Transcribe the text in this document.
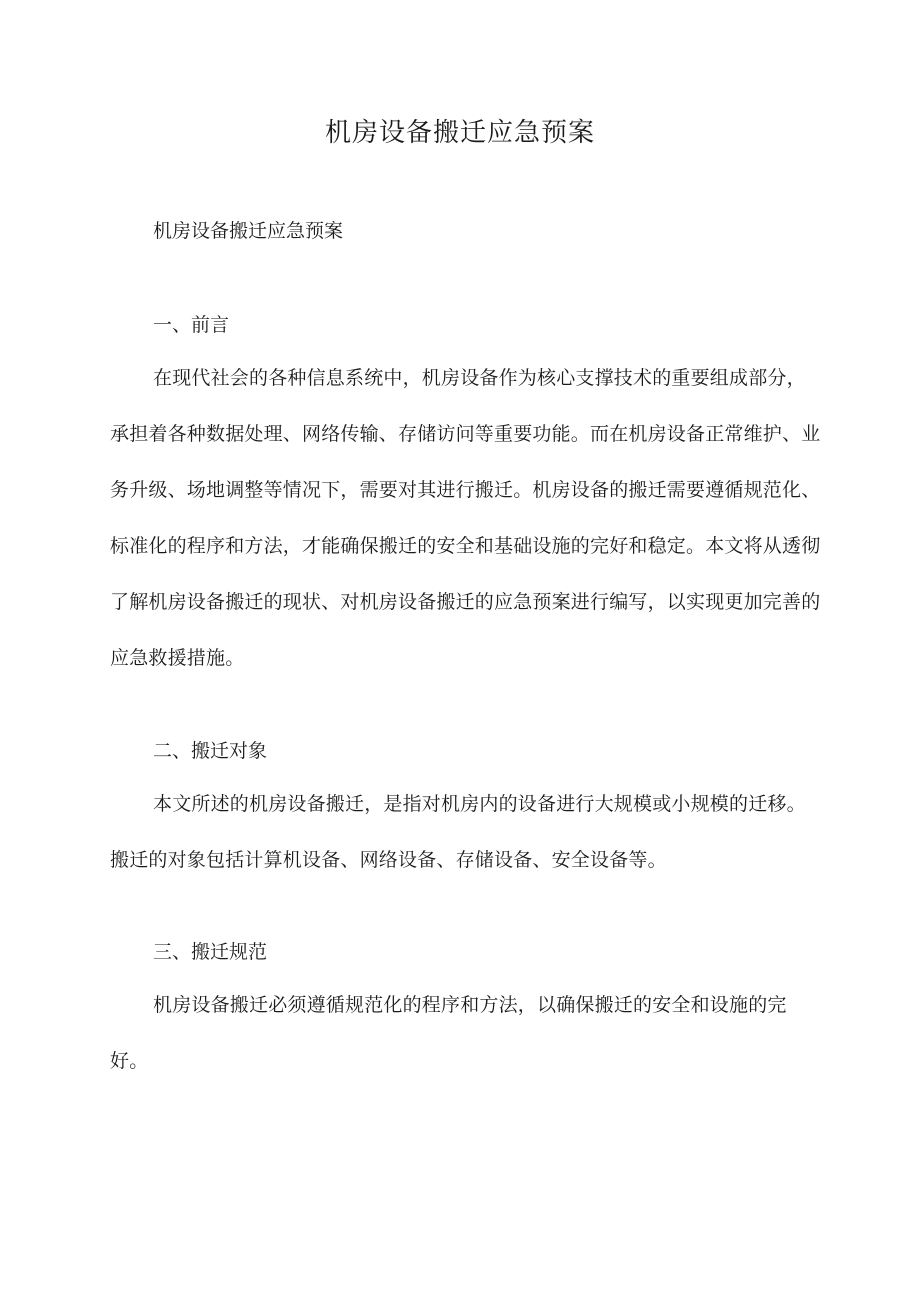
机房设备搬迁应急预案

机房设备搬迁应急预案

一、前言

在现代社会的各种信息系统中，机房设备作为核心支撑技术的重要组成部分，承担着各种数据处理、网络传输、存储访问等重要功能。而在机房设备正常维护、业务升级、场地调整等情况下，需要对其进行搬迁。机房设备的搬迁需要遵循规范化、标准化的程序和方法，才能确保搬迁的安全和基础设施的完好和稳定。本文将从透彻了解机房设备搬迁的现状、对机房设备搬迁的应急预案进行编写，以实现更加完善的应急救援措施。

二、搬迁对象

本文所述的机房设备搬迁，是指对机房内的设备进行大规模或小规模的迁移。搬迁的对象包括计算机设备、网络设备、存储设备、安全设备等。

三、搬迁规范

机房设备搬迁必须遵循规范化的程序和方法，以确保搬迁的安全和设施的完好。
